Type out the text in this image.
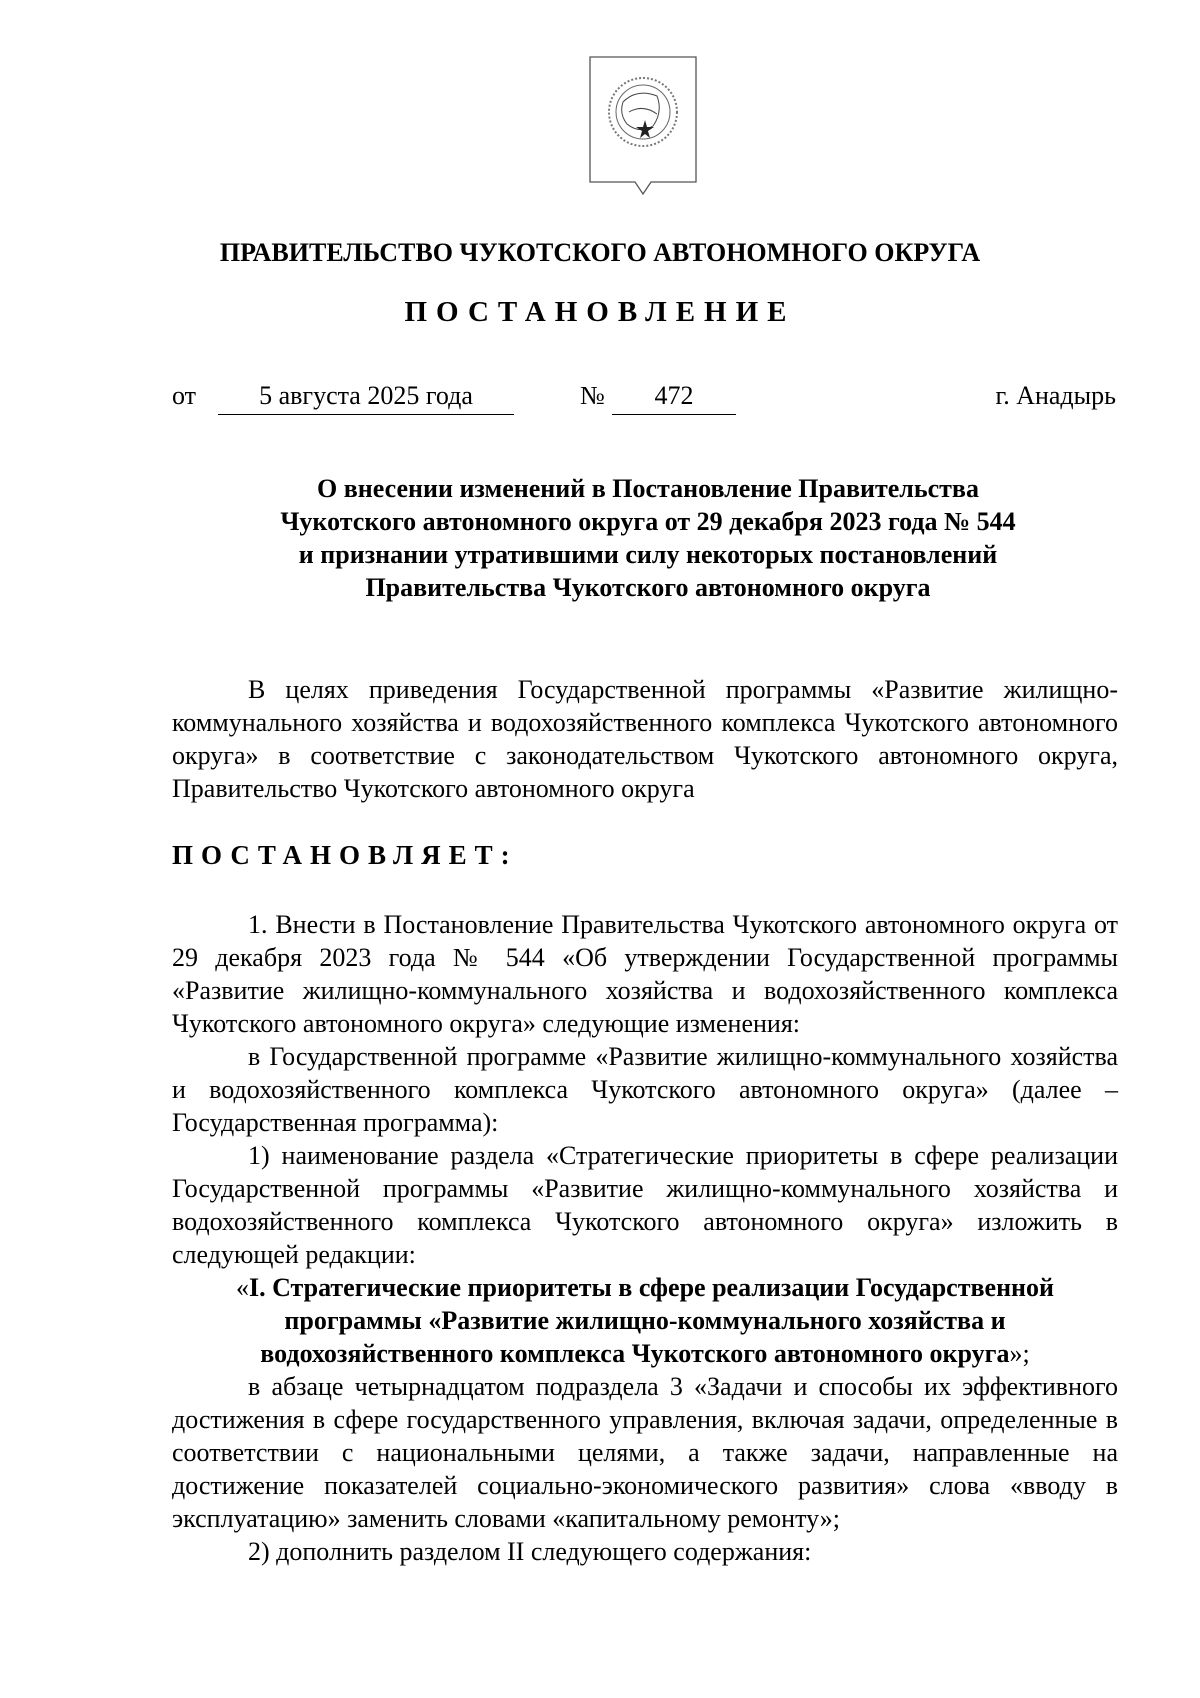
ПРАВИТЕЛЬСТВО ЧУКОТСКОГО АВТОНОМНОГО ОКРУГА
ПОСТАНОВЛЕНИЕ
от	5 августа 2025 года	№	472	г. Анадырь
О внесении изменений в Постановление Правительства
Чукотского автономного округа от 29 декабря 2023 года № 544
и признании утратившими силу некоторых постановлений
Правительства Чукотского автономного округа

В целях приведения Государственной программы «Развитие жилищно-коммунального хозяйства и водохозяйственного комплекса Чукотского автономного округа» в соответствие с законодательством Чукотского автономного округа, Правительство Чукотского автономного округа

ПОСТАНОВЛЯЕТ:

1. Внести в Постановление Правительства Чукотского автономного округа от 29 декабря 2023 года № 544 «Об утверждении Государственной программы «Развитие жилищно-коммунального хозяйства и водохозяйственного комплекса Чукотского автономного округа» следующие изменения:

в Государственной программе «Развитие жилищно-коммунального хозяйства и водохозяйственного комплекса Чукотского автономного округа» (далее – Государственная программа):

1) наименование раздела «Стратегические приоритеты в сфере реализации Государственной программы «Развитие жилищно-коммунального хозяйства и водохозяйственного комплекса Чукотского автономного округа» изложить в следующей редакции:

«I. Стратегические приоритеты в сфере реализации Государственной программы «Развитие жилищно-коммунального хозяйства и водохозяйственного комплекса Чукотского автономного округа»;

в абзаце четырнадцатом подраздела 3 «Задачи и способы их эффективного достижения в сфере государственного управления, включая задачи, определенные в соответствии с национальными целями, а также задачи, направленные на достижение показателей социально-экономического развития» слова «вводу в эксплуатацию» заменить словами «капитальному ремонту»;

2) дополнить разделом II следующего содержания:
